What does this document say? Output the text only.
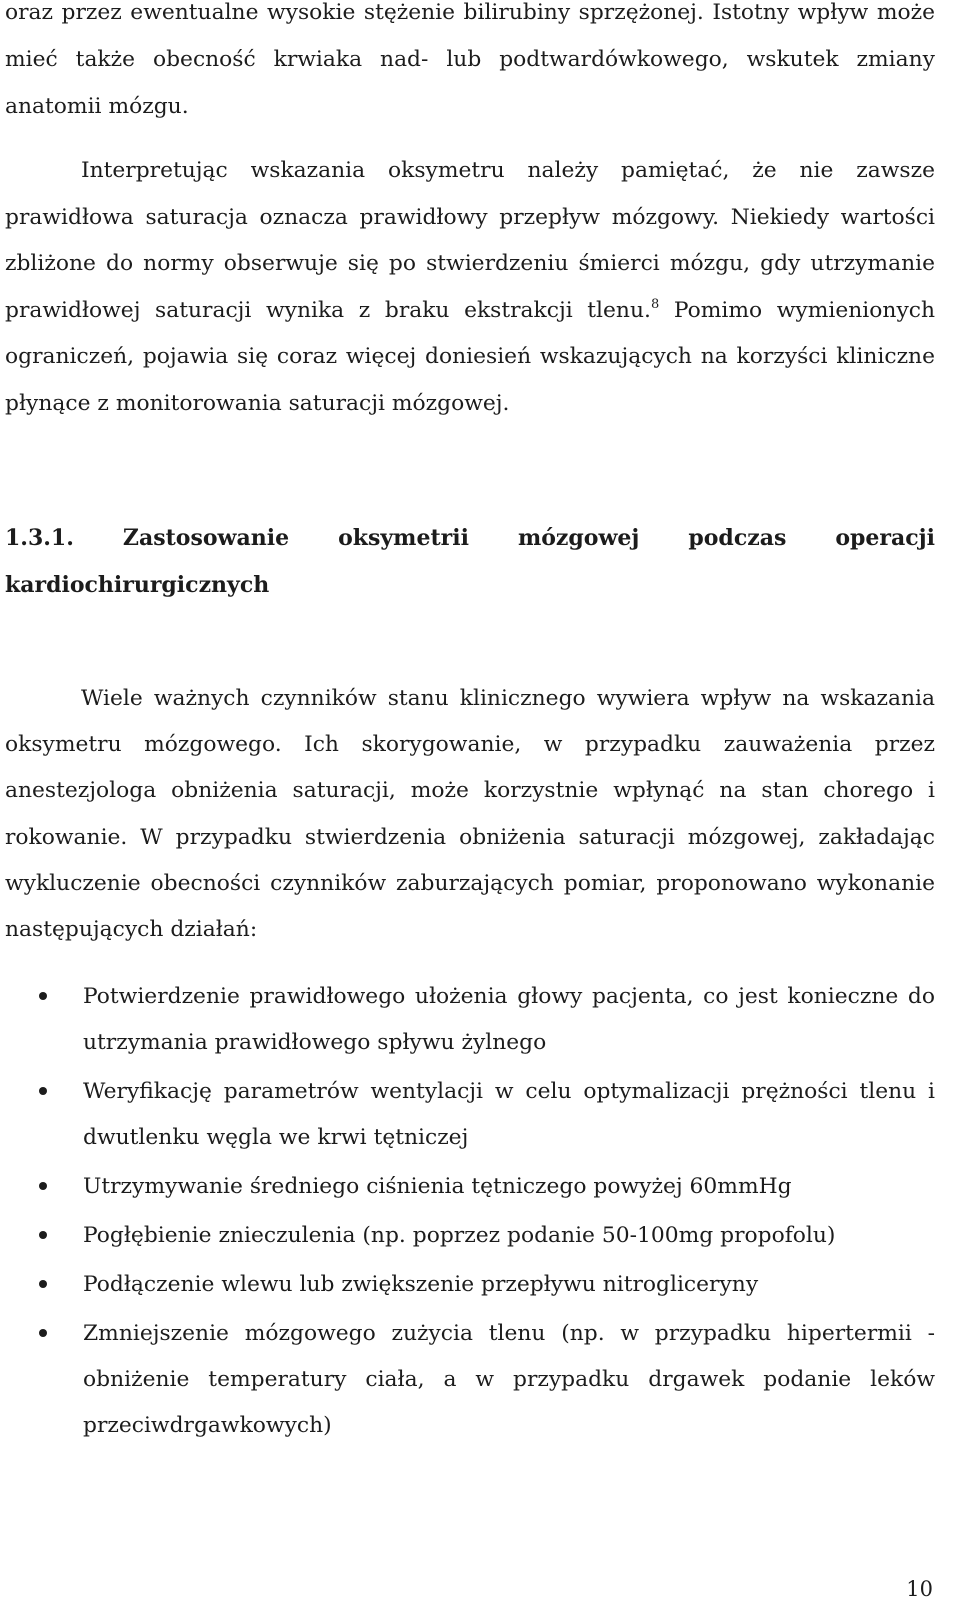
oraz przez ewentualne wysokie stężenie bilirubiny sprzężonej. Istotny wpływ może mieć także obecność krwiaka nad- lub podtwardówkowego, wskutek zmiany anatomii mózgu.

Interpretując wskazania oksymetru należy pamiętać, że nie zawsze prawidłowa saturacja oznacza prawidłowy przepływ mózgowy. Niekiedy wartości zbliżone do normy obserwuje się po stwierdzeniu śmierci mózgu, gdy utrzymanie prawidłowej saturacji wynika z braku ekstrakcji tlenu.$^8$ Pomimo wymienionych ograniczeń, pojawia się coraz więcej doniesień wskazujących na korzyści kliniczne płynące z monitorowania saturacji mózgowej.

1.3.1. Zastosowanie oksymetrii mózgowej podczas operacji kardiochirurgicznych

Wiele ważnych czynników stanu klinicznego wywiera wpływ na wskazania oksymetru mózgowego. Ich skorygowanie, w przypadku zauważenia przez anestezjologa obniżenia saturacji, może korzystnie wpłynąć na stan chorego i rokowanie. W przypadku stwierdzenia obniżenia saturacji mózgowej, zakładając wykluczenie obecności czynników zaburzających pomiar, proponowano wykonanie następujących działań:

Potwierdzenie prawidłowego ułożenia głowy pacjenta, co jest konieczne do utrzymania prawidłowego spływu żylnego
Weryfikację parametrów wentylacji w celu optymalizacji prężności tlenu i dwutlenku węgla we krwi tętniczej
Utrzymywanie średniego ciśnienia tętniczego powyżej 60mmHg
Pogłębienie znieczulenia (np. poprzez podanie 50-100mg propofolu)
Podłączenie wlewu lub zwiększenie przepływu nitrogliceryny
Zmniejszenie mózgowego zużycia tlenu (np. w przypadku hipertermii - obniżenie temperatury ciała, a w przypadku drgawek podanie leków przeciwdrgawkowych)
10
